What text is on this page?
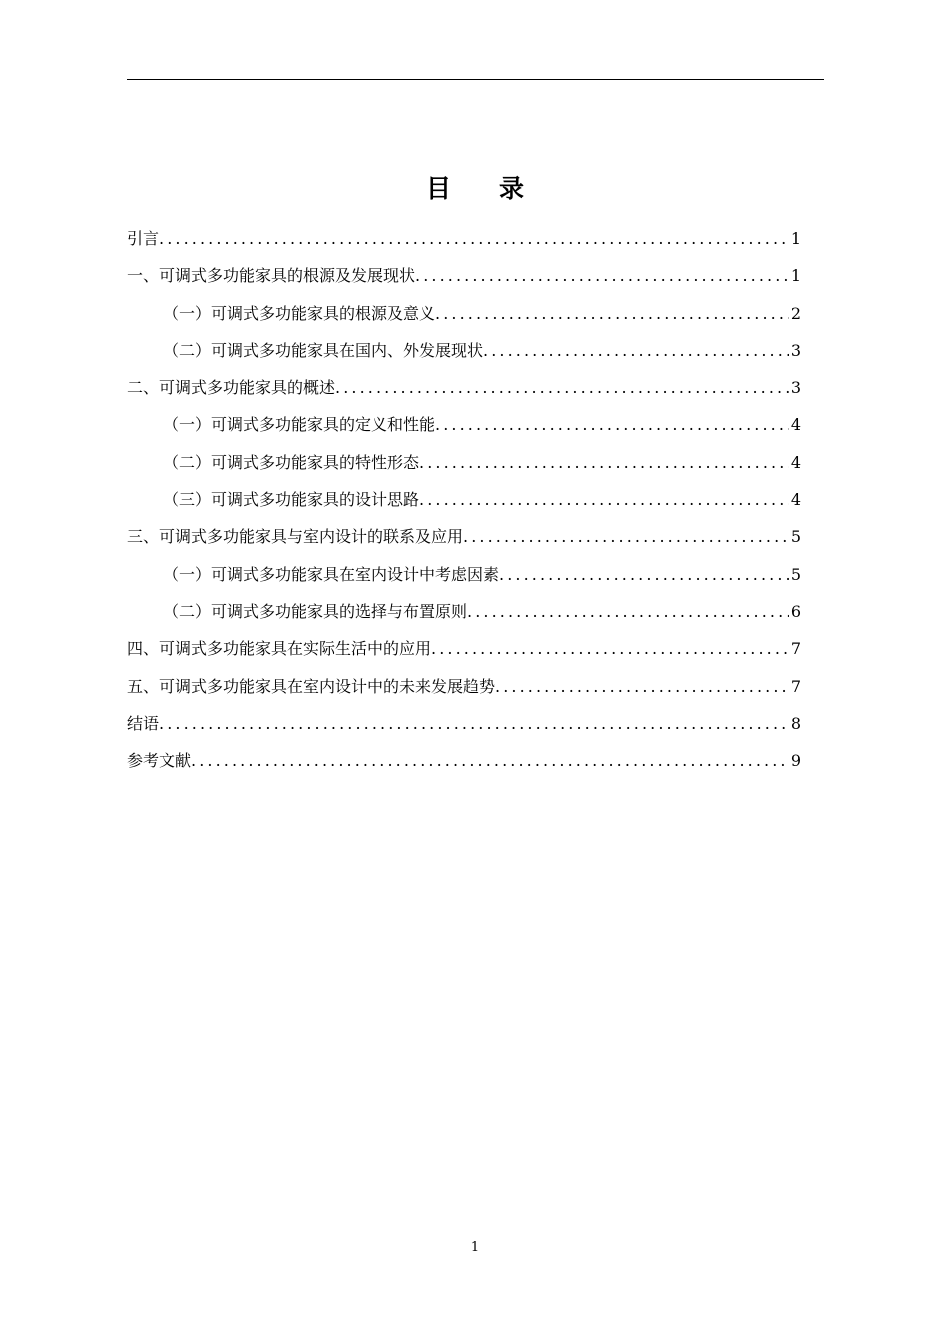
目录
引言 .....	1
一、可调式多功能家具的根源及发展现状 .....	1
（一）可调式多功能家具的根源及意义 .....	2
（二）可调式多功能家具在国内、外发展现状 .....	3
二、可调式多功能家具的概述 .....	3
（一）可调式多功能家具的定义和性能 .....	4
（二）可调式多功能家具的特性形态 .....	4
（三）可调式多功能家具的设计思路 .....	4
三、可调式多功能家具与室内设计的联系及应用 .....	5
（一）可调式多功能家具在室内设计中考虑因素 .....	5
（二）可调式多功能家具的选择与布置原则 .....	6
四、可调式多功能家具在实际生活中的应用 .....	7
五、可调式多功能家具在室内设计中的未来发展趋势 .....	7
结语 .....	8
参考文献 .....	9
1
